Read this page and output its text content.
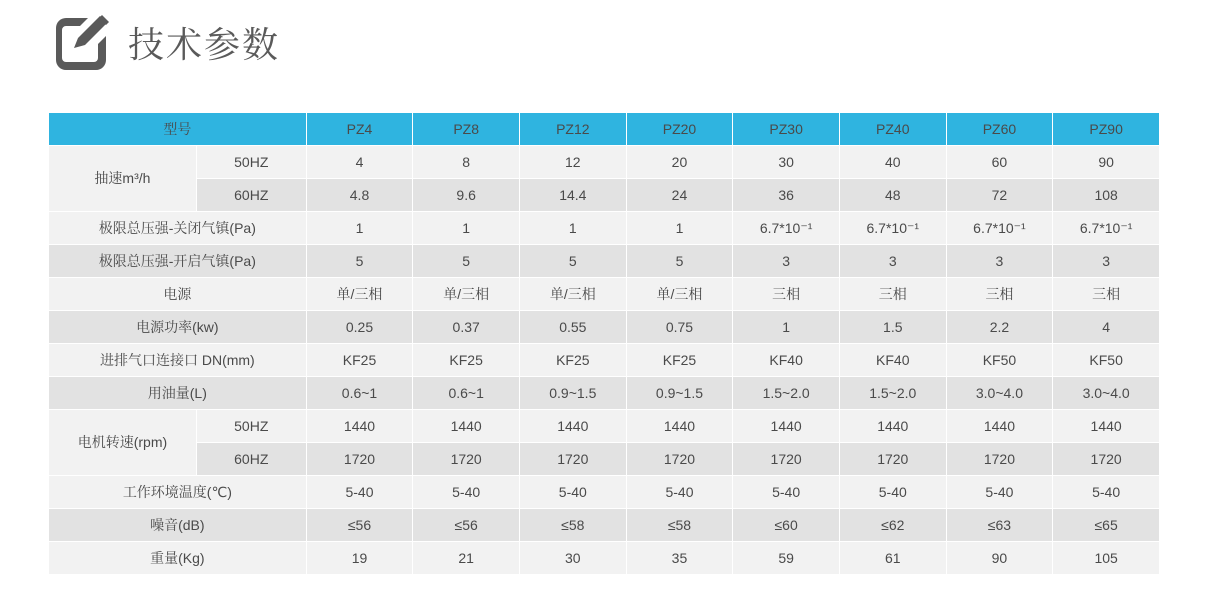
技术参数
型号		PZ4	PZ8	PZ12	PZ20	PZ30	PZ40	PZ60	PZ90
抽速m³/h	50HZ	4	8	12	20	30	40	60	90
	60HZ	4.8	9.6	14.4	24	36	48	72	108
极限总压强-关闭气镇(Pa)		1	1	1	1	6.7*10⁻¹	6.7*10⁻¹	6.7*10⁻¹	6.7*10⁻¹
极限总压强-开启气镇(Pa)		5	5	5	5	3	3	3	3
电源		单/三相	单/三相	单/三相	单/三相	三相	三相	三相	三相
电源功率(kw)		0.25	0.37	0.55	0.75	1	1.5	2.2	4
进排气口连接口 DN(mm)		KF25	KF25	KF25	KF25	KF40	KF40	KF50	KF50
用油量(L)		0.6~1	0.6~1	0.9~1.5	0.9~1.5	1.5~2.0	1.5~2.0	3.0~4.0	3.0~4.0
电机转速(rpm)	50HZ	1440	1440	1440	1440	1440	1440	1440	1440
	60HZ	1720	1720	1720	1720	1720	1720	1720	1720
工作环境温度(℃)		5-40	5-40	5-40	5-40	5-40	5-40	5-40	5-40
噪音(dB)		≤56	≤56	≤58	≤58	≤60	≤62	≤63	≤65
重量(Kg)		19	21	30	35	59	61	90	105
